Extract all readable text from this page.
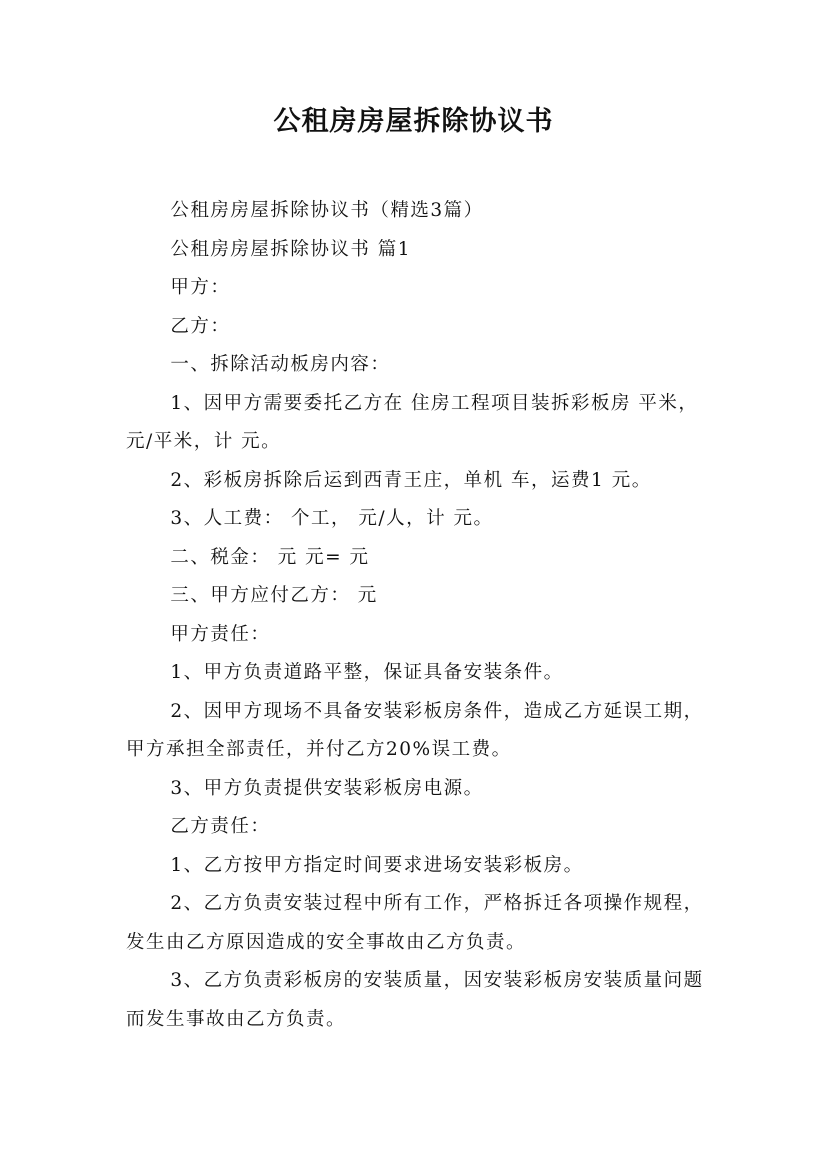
公租房房屋拆除协议书

公租房房屋拆除协议书（精选3篇）

公租房房屋拆除协议书 篇1

甲方：

乙方：

一、拆除活动板房内容：

1、因甲方需要委托乙方在 住房工程项目装拆彩板房 平米， 元/平米，计 元。

2、彩板房拆除后运到西青王庄，单机 车，运费1 元。

3、人工费： 个工， 元/人，计 元。

二、税金： 元 元= 元

三、甲方应付乙方： 元

甲方责任：

1、甲方负责道路平整，保证具备安装条件。

2、因甲方现场不具备安装彩板房条件，造成乙方延误工期，甲方承担全部责任，并付乙方20%误工费。

3、甲方负责提供安装彩板房电源。

乙方责任：

1、乙方按甲方指定时间要求进场安装彩板房。

2、乙方负责安装过程中所有工作，严格拆迁各项操作规程，发生由乙方原因造成的安全事故由乙方负责。

3、乙方负责彩板房的安装质量，因安装彩板房安装质量问题而发生事故由乙方负责。
